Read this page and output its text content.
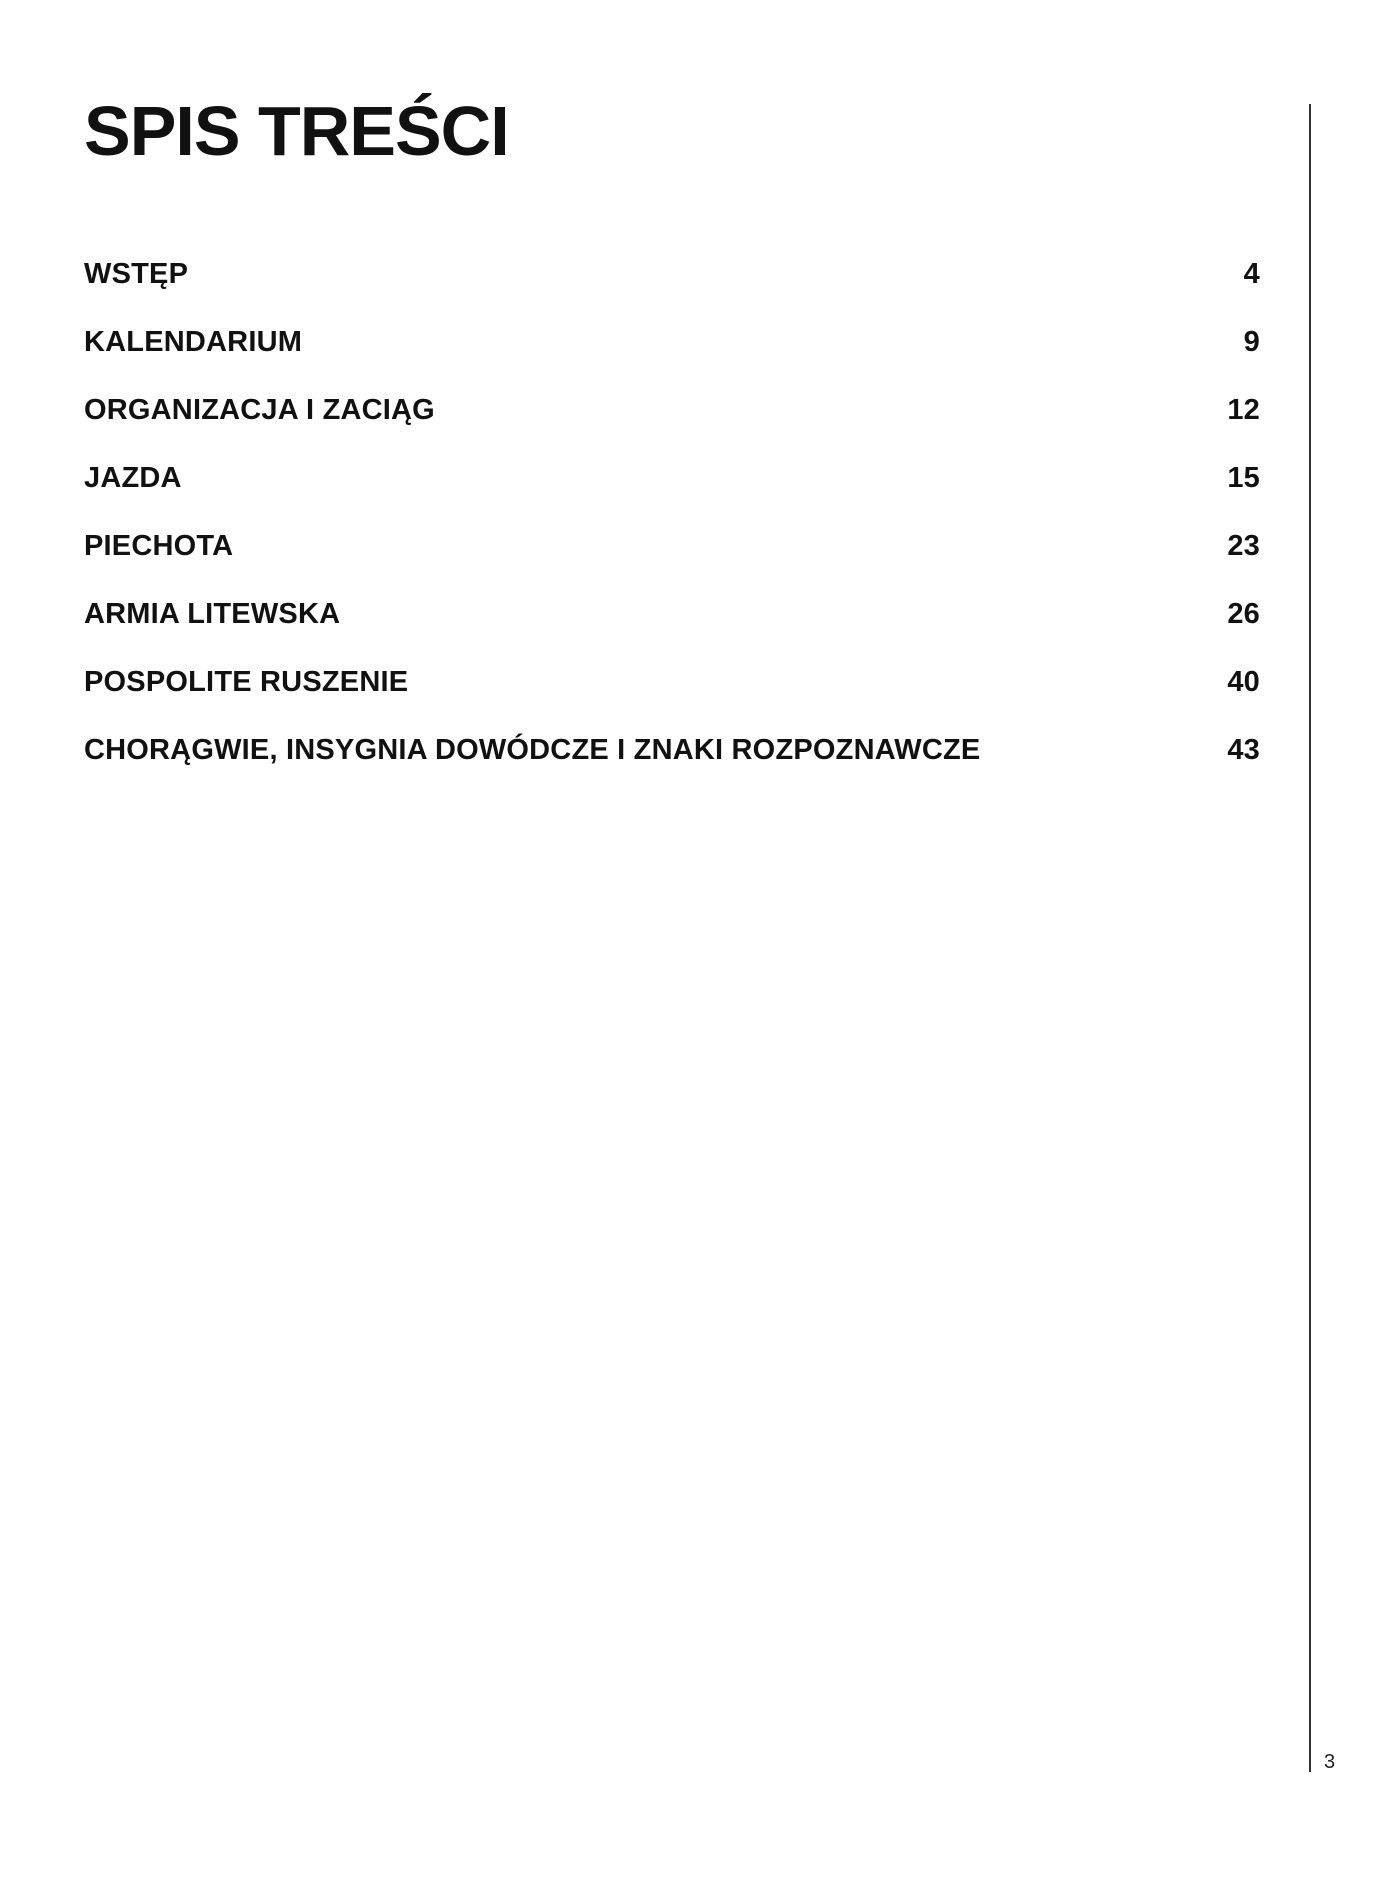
SPIS TREŚCI
WSTĘP	4
KALENDARIUM	9
ORGANIZACJA I ZACIĄG	12
JAZDA	15
PIECHOTA	23
ARMIA LITEWSKA	26
POSPOLITE RUSZENIE	40
CHORĄGWIE, INSYGNIA DOWÓDCZE I ZNAKI ROZPOZNAWCZE	43
3
